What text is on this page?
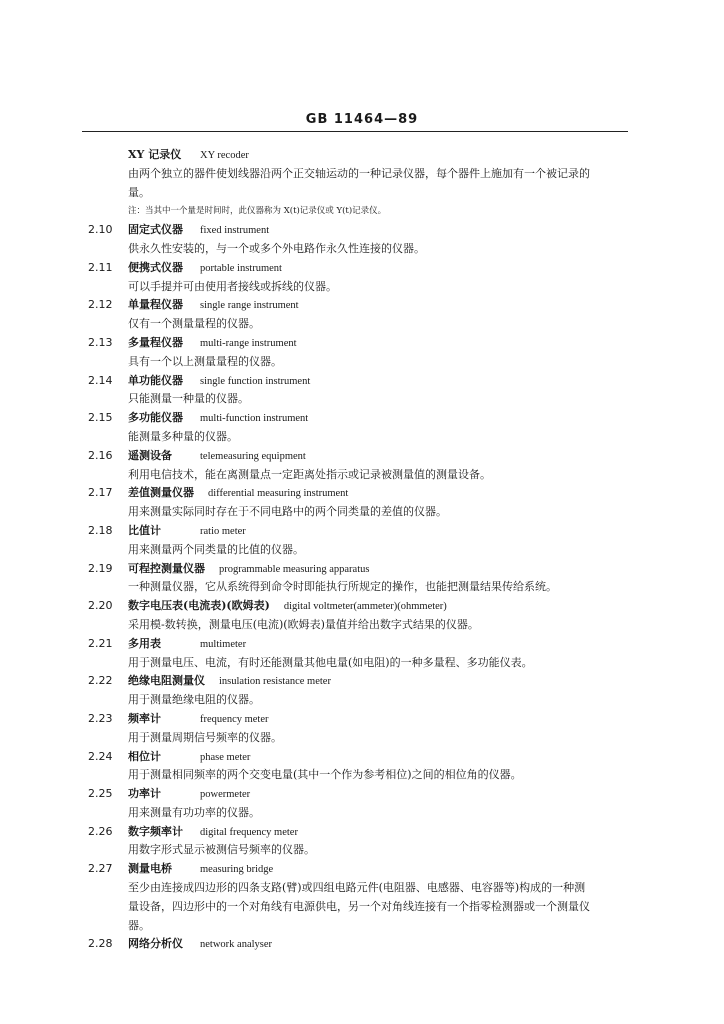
GB 11464—89
XY 记录仪 XY recoder
由两个独立的器件使划线器沿两个正交轴运动的一种记录仪器，每个器件上施加有一个被记录的
量。
注：当其中一个量是时间时，此仪器称为 X(t)记录仪或 Y(t)记录仪。
2.10 固定式仪器 fixed instrument
供永久性安装的，与一个或多个外电路作永久性连接的仪器。
2.11 便携式仪器 portable instrument
可以手提并可由使用者接线或拆线的仪器。
2.12 单量程仪器 single range instrument
仅有一个测量量程的仪器。
2.13 多量程仪器 multi-range instrument
具有一个以上测量量程的仪器。
2.14 单功能仪器 single function instrument
只能测量一种量的仪器。
2.15 多功能仪器 multi-function instrument
能测量多种量的仪器。
2.16 遥测设备	telemeasuring equipment
利用电信技术，能在离测量点一定距离处指示或记录被测量值的测量设备。
2.17 差值测量仪器 differential measuring instrument
用来测量实际同时存在于不同电路中的两个同类量的差值的仪器。
2.18 比值计	ratio meter
用来测量两个同类量的比值的仪器。
2.19 可程控测量仪器 programmable measuring apparatus
一种测量仪器，它从系统得到命令时即能执行所规定的操作，也能把测量结果传给系统。
2.20 数字电压表(电流表)(欧姆表) digital voltmeter(ammeter)(ohmmeter)
采用模-数转换，测量电压(电流)(欧姆表)量值并给出数字式结果的仪器。
2.21 多用表	multimeter
用于测量电压、电流，有时还能测量其他电量(如电阻)的一种多量程、多功能仪表。
2.22 绝缘电阻测量仪 insulation resistance meter
用于测量绝缘电阻的仪器。
2.23 频率计	frequency meter
用于测量周期信号频率的仪器。
2.24 相位计	phase meter
用于测量相同频率的两个交变电量(其中一个作为参考相位)之间的相位角的仪器。
2.25 功率计	powermeter
用来测量有功功率的仪器。
2.26 数字频率计 digital frequency meter
用数字形式显示被测信号频率的仪器。
2.27 测量电桥	measuring bridge
至少由连接成四边形的四条支路(臂)或四组电路元件(电阻器、电感器、电容器等)构成的一种测
量设备，四边形中的一个对角线有电源供电，另一个对角线连接有一个指零检测器或一个测量仪
器。
2.28 网络分析仪 network analyser
